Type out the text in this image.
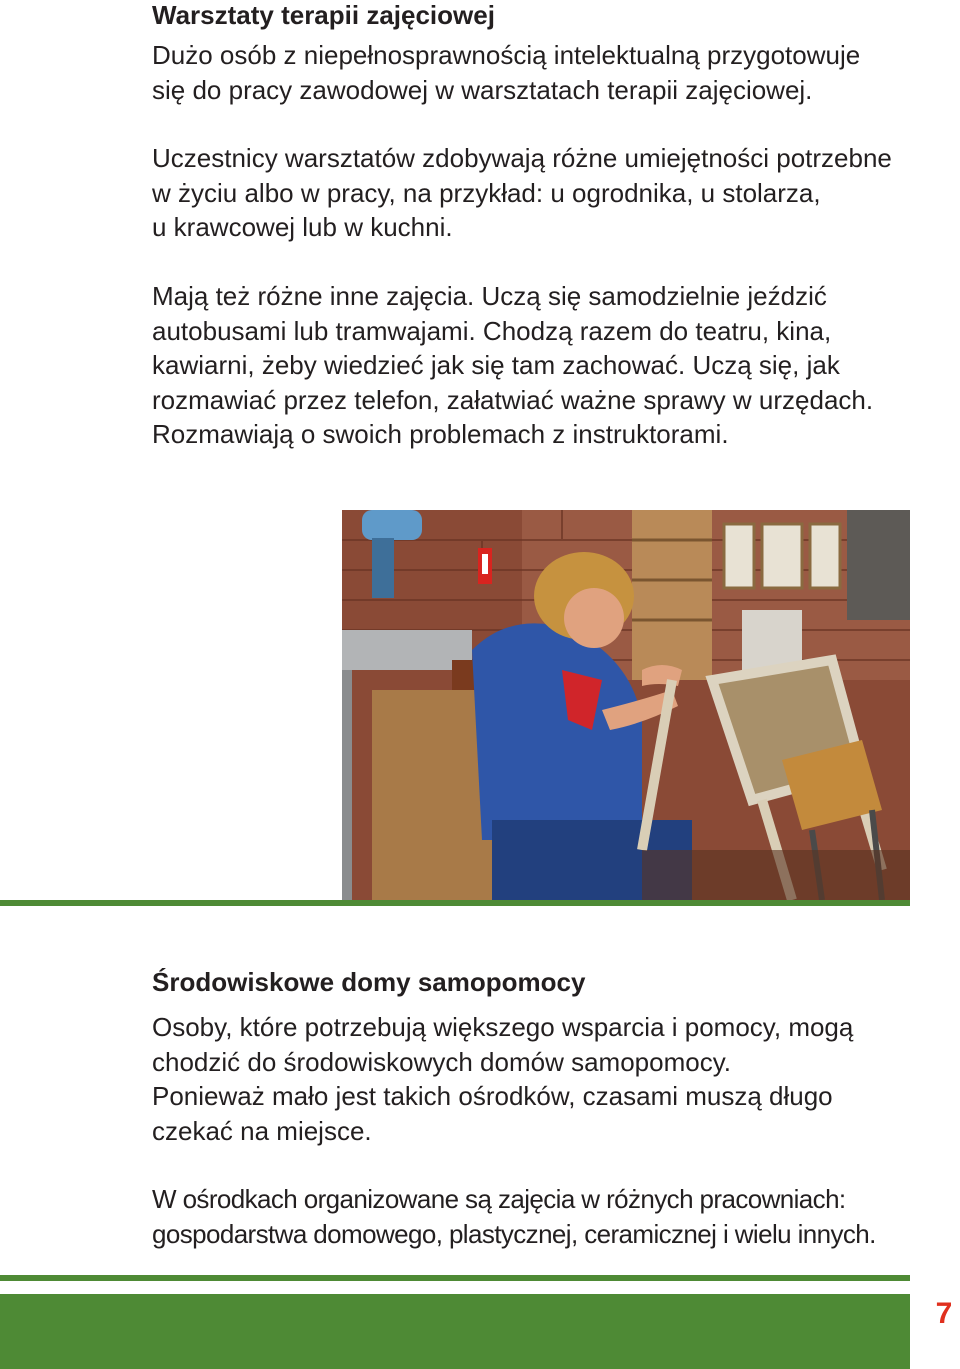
Warsztaty terapii zajęciowej
Dużo osób z niepełnosprawnością intelektualną przygotowuje
się do pracy zawodowej w warsztatach terapii zajęciowej.
Uczestnicy warsztatów zdobywają różne umiejętności potrzebne
w życiu albo w pracy, na przykład: u ogrodnika, u stolarza,
u krawcowej lub w kuchni.
Mają też różne inne zajęcia. Uczą się samodzielnie jeździć
autobusami lub tramwajami. Chodzą razem do teatru, kina,
kawiarni, żeby wiedzieć jak się tam zachować. Uczą się, jak
rozmawiać przez telefon, załatwiać ważne sprawy w urzędach.
Rozmawiają o swoich problemach z instruktorami.
Środowiskowe domy samopomocy
Osoby, które potrzebują większego wsparcia i pomocy, mogą
chodzić do środowiskowych domów samopomocy.
Ponieważ mało jest takich ośrodków, czasami muszą długo
czekać na miejsce.
W ośrodkach organizowane są zajęcia w różnych pracowniach:
gospodarstwa domowego, plastycznej, ceramicznej i wielu innych.
7
